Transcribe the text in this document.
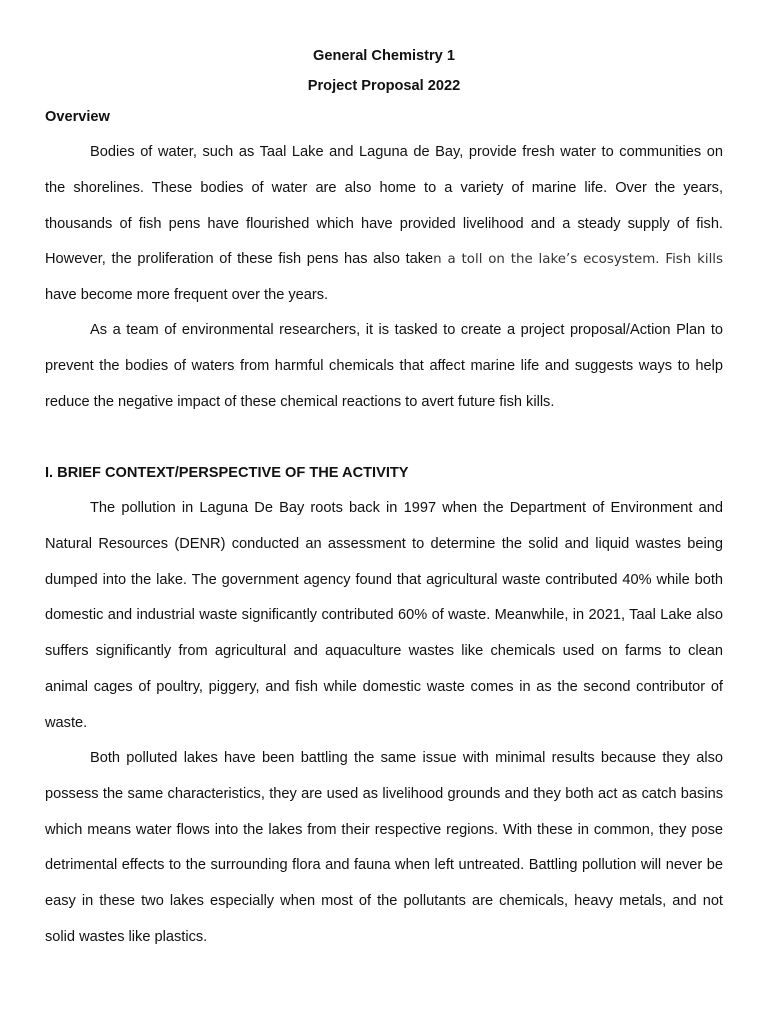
General Chemistry 1
Project Proposal 2022
Overview

Bodies of water, such as Taal Lake and Laguna de Bay, provide fresh water to communities on the shorelines. These bodies of water are also home to a variety of marine life. Over the years, thousands of fish pens have flourished which have provided livelihood and a steady supply of fish. However, the proliferation of these fish pens has also taken a toll on the lake’s ecosystem. Fish kills have become more frequent over the years.

As a team of environmental researchers, it is tasked to create a project proposal/Action Plan to prevent the bodies of waters from harmful chemicals that affect marine life and suggests ways to help reduce the negative impact of these chemical reactions to avert future fish kills.

I. BRIEF CONTEXT/PERSPECTIVE OF THE ACTIVITY

The pollution in Laguna De Bay roots back in 1997 when the Department of Environment and Natural Resources (DENR) conducted an assessment to determine the solid and liquid wastes being dumped into the lake. The government agency found that agricultural waste contributed 40% while both domestic and industrial waste significantly contributed 60% of waste. Meanwhile, in 2021, Taal Lake also suffers significantly from agricultural and aquaculture wastes like chemicals used on farms to clean animal cages of poultry, piggery, and fish while domestic waste comes in as the second contributor of waste.

Both polluted lakes have been battling the same issue with minimal results because they also possess the same characteristics, they are used as livelihood grounds and they both act as catch basins which means water flows into the lakes from their respective regions. With these in common, they pose detrimental effects to the surrounding flora and fauna when left untreated. Battling pollution will never be easy in these two lakes especially when most of the pollutants are chemicals, heavy metals, and not solid wastes like plastics.
